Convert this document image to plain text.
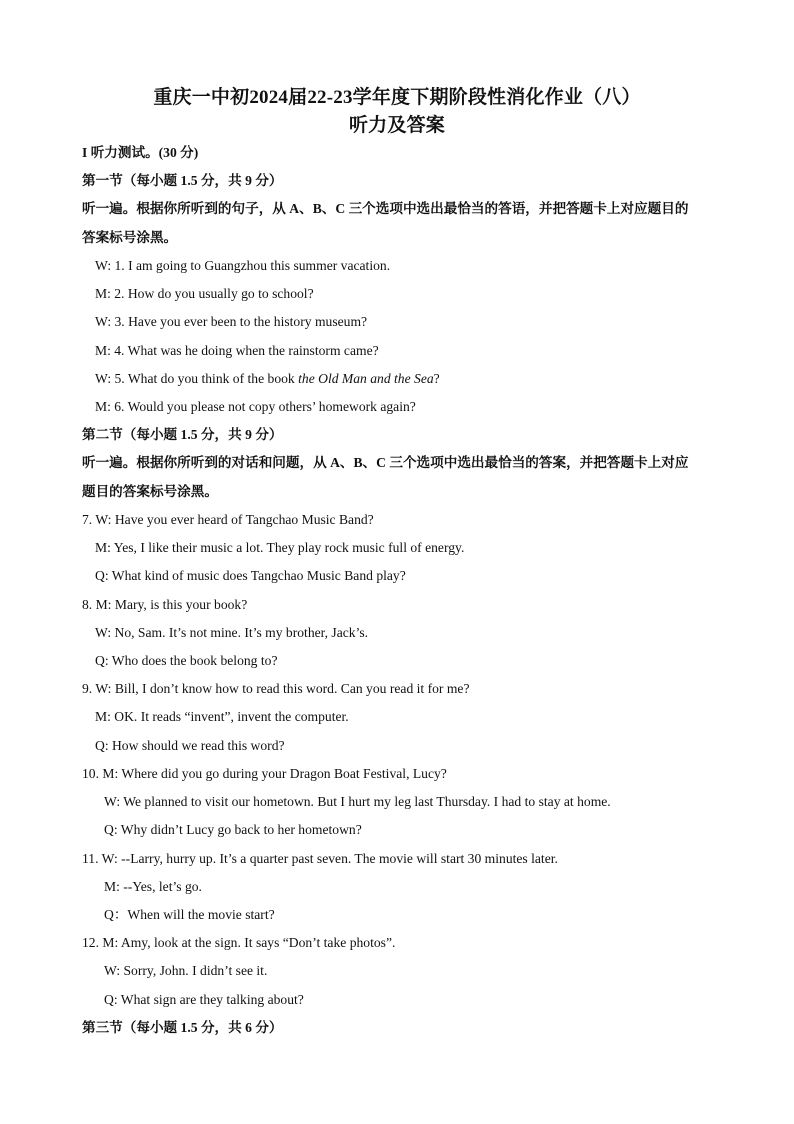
重庆一中初2024届22-23学年度下期阶段性消化作业（八）
听力及答案
I 听力测试。(30 分)
第一节（每小题 1.5 分，共 9 分）
听一遍。根据你所听到的句子，从 A、B、C 三个选项中选出最恰当的答语，并把答题卡上对应题目的
答案标号涂黑。
W: 1. I am going to Guangzhou this summer vacation.
M: 2. How do you usually go to school?
W: 3. Have you ever been to the history museum?
M: 4. What was he doing when the rainstorm came?
W: 5. What do you think of the book the Old Man and the Sea?
M: 6. Would you please not copy others’ homework again?
第二节（每小题 1.5 分，共 9 分）
听一遍。根据你所听到的对话和问题，从 A、B、C 三个选项中选出最恰当的答案，并把答题卡上对应
题目的答案标号涂黑。
7. W: Have you ever heard of Tangchao Music Band?
M: Yes, I like their music a lot. They play rock music full of energy.
Q: What kind of music does Tangchao Music Band play?
8. M: Mary, is this your book?
W: No, Sam. It’s not mine. It’s my brother, Jack’s.
Q: Who does the book belong to?
9. W: Bill, I don’t know how to read this word. Can you read it for me?
M: OK. It reads “invent”, invent the computer.
Q: How should we read this word?
10. M: Where did you go during your Dragon Boat Festival, Lucy?
W: We planned to visit our hometown. But I hurt my leg last Thursday. I had to stay at home.
Q: Why didn’t Lucy go back to her hometown?
11. W: --Larry, hurry up. It’s a quarter past seven. The movie will start 30 minutes later.
M: --Yes, let’s go.
Q：When will the movie start?
12. M: Amy, look at the sign. It says “Don’t take photos”.
W: Sorry, John. I didn’t see it.
Q: What sign are they talking about?
第三节（每小题 1.5 分，共 6 分）
